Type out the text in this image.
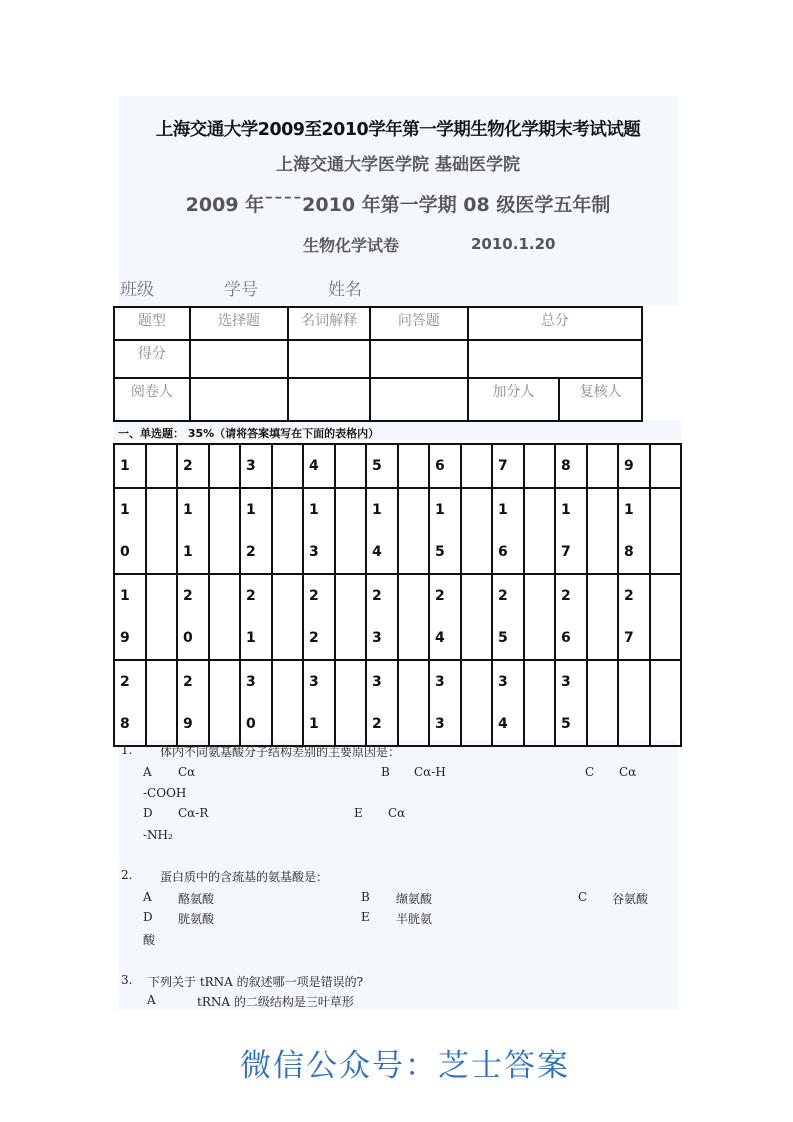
上海交通大学2009至2010学年第一学期生物化学期末考试试题
上海交通大学医学院 基础医学院
2009 年¯¯¯¯2010 年第一学期 08 级医学五年制
生物化学试卷	2010.1.20
班级	学号	姓名
题型	选择题	名词解释	问答题	总分	
得分					
阅卷人				加分人	复核人
一、单选题： 35%（请将答案填写在下面的表格内）
1		2		3		4		5		6		7		8		9	

10		11		12		13		14		15		16		17		18	

19		20		21		22		23		24		25		26		27	

28		29		30		31		32		33		34		35			

1. 体内不同氨基酸分子结构差别的主要原因是：
A Cα	B Cα-H	C Cα
-COOH
D Cα-R	E Cα
-NH₂
2. 蛋白质中的含巯基的氨基酸是：
A 酪氨酸	B 缬氨酸	C 谷氨酸
D 胱氨酸	E 半胱氨
酸
3. 下列关于 tRNA 的叙述哪一项是错误的?
A	tRNA 的二级结构是三叶草形
微信公众号：芝士答案
